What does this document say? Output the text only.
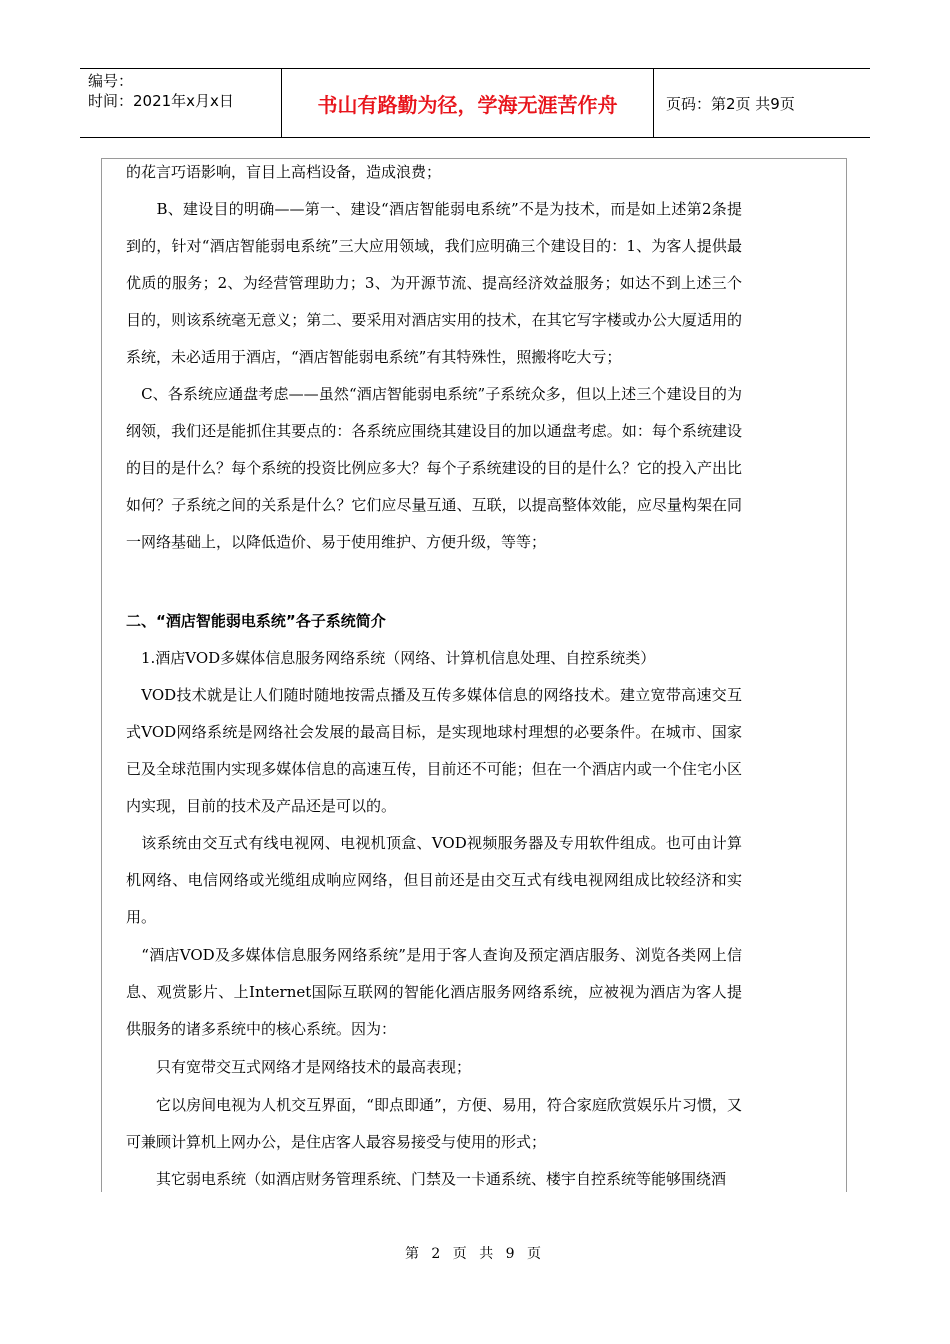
编号：
时间：2021年x月x日	书山有路勤为径，学海无涯苦作舟	页码：第2页 共9页

的花言巧语影响，盲目上高档设备，造成浪费；

　　B、建设目的明确——第一、建设“酒店智能弱电系统”不是为技术，而是如上述第2条提到的，针对“酒店智能弱电系统”三大应用领域，我们应明确三个建设目的：1、为客人提供最优质的服务；2、为经营管理助力；3、为开源节流、提高经济效益服务；如达不到上述三个目的，则该系统毫无意义；第二、要采用对酒店实用的技术，在其它写字楼或办公大厦适用的系统，未必适用于酒店，“酒店智能弱电系统”有其特殊性，照搬将吃大亏；

　C、各系统应通盘考虑——虽然“酒店智能弱电系统”子系统众多，但以上述三个建设目的为纲领，我们还是能抓住其要点的：各系统应围绕其建设目的加以通盘考虑。如：每个系统建设的目的是什么？每个系统的投资比例应多大？每个子系统建设的目的是什么？它的投入产出比如何？子系统之间的关系是什么？它们应尽量互通、互联，以提高整体效能，应尽量构架在同一网络基础上，以降低造价、易于使用维护、方便升级，等等；

二、“酒店智能弱电系统”各子系统简介

　1.酒店VOD多媒体信息服务网络系统（网络、计算机信息处理、自控系统类）

　VOD技术就是让人们随时随地按需点播及互传多媒体信息的网络技术。建立宽带高速交互式VOD网络系统是网络社会发展的最高目标，是实现地球村理想的必要条件。在城市、国家已及全球范围内实现多媒体信息的高速互传，目前还不可能；但在一个酒店内或一个住宅小区内实现，目前的技术及产品还是可以的。

　该系统由交互式有线电视网、电视机顶盒、VOD视频服务器及专用软件组成。也可由计算机网络、电信网络或光缆组成响应网络，但目前还是由交互式有线电视网组成比较经济和实用。

　“酒店VOD及多媒体信息服务网络系统”是用于客人查询及预定酒店服务、浏览各类网上信息、观赏影片、上Internet国际互联网的智能化酒店服务网络系统，应被视为酒店为客人提供服务的诸多系统中的核心系统。因为：

　　只有宽带交互式网络才是网络技术的最高表现；

　　它以房间电视为人机交互界面，“即点即通”，方便、易用，符合家庭欣赏娱乐片习惯，又可兼顾计算机上网办公，是住店客人最容易接受与使用的形式；

　　其它弱电系统（如酒店财务管理系统、门禁及一卡通系统、楼宇自控系统等能够围绕酒

第 2 页 共 9 页
